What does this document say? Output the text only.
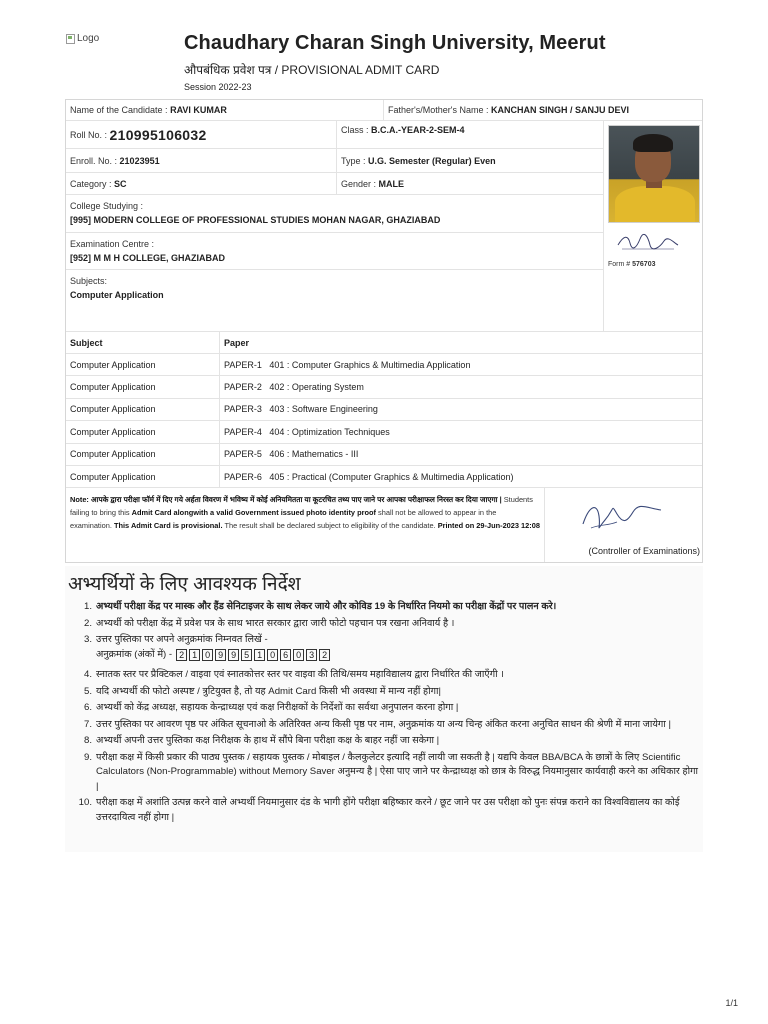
Logo	Chaudhary Charan Singh University, Meerut
औपबंधिक प्रवेश पत्र / PROVISIONAL ADMIT CARD
Session 2022-23
Name of the Candidate :
RAVI KUMAR	Father's/Mother's Name :
KANCHAN SINGH / SANJU DEVI
Roll No. :
210995106032	Class :
B.C.A.-YEAR-2-SEM-4
Enroll. No. :
21023951	Type :
U.G. Semester (Regular) Even
Category :
SC	Gender :
MALE
College Studying :
[995] MODERN COLLEGE OF PROFESSIONAL STUDIES MOHAN NAGAR, GHAZIABAD
Examination Centre :
[952] M M H COLLEGE, GHAZIABAD
Subjects:
Computer Application
Form # 576703
Subject	Paper
Computer Application	PAPER-1   401 : Computer Graphics & Multimedia Application
Computer Application	PAPER-2   402 : Operating System
Computer Application	PAPER-3   403 : Software Engineering
Computer Application	PAPER-4   404 : Optimization Techniques
Computer Application	PAPER-5   406 : Mathematics - III
Computer Application	PAPER-6   405 : Practical (Computer Graphics & Multimedia Application)
Note: आपके द्वारा परीक्षा फॉर्म में दिए गये अर्हता विवरण में भविष्य में कोई अनियमितता या कूटरचित तथ्य पाए जाने पर आपका परीक्षाफल निरस्त कर दिया जाएगा | Students failing to bring this Admit Card alongwith a valid Government issued photo identity proof shall not be allowed to appear in the examination. This Admit Card is provisional. The result shall be declared subject to eligibility of the candidate. Printed on 29-Jun-2023 12:08
(Controller of Examinations)
अभ्यर्थियों के लिए आवश्यक निर्देश
1. अभ्यर्थी परीक्षा केंद्र पर मास्क और हैंड सेनिटाइजर के साथ लेकर जाये और कोविड 19 के निर्धारित नियमो का परीक्षा केंद्रों पर पालन करे।
2. अभ्यर्थी को परीक्षा केंद्र में प्रवेश पत्र के साथ भारत सरकार द्वारा जारी फोटो पहचान पत्र रखना अनिवार्य है ।
3. उत्तर पुस्तिका पर अपने अनुक्रमांक निम्नवत लिखें -

अनुक्रमांक (अंकों में) - 2 1 0 9 9 5 1 0 6 0 3 2
4. स्नातक स्तर पर प्रैक्टिकल / वाइवा एवं स्नातकोत्तर स्तर पर वाइवा की तिथि/समय महाविद्यालय द्वारा निर्धारित की जाएँगी ।
5. यदि अभ्यर्थी की फोटो अस्पष्ट / त्रुटियुक्त है, तो यह Admit Card किसी भी अवस्था में मान्य नहीं होगा|
6. अभ्यर्थी को केंद्र अध्यक्ष, सहायक केन्द्राध्यक्ष एवं कक्ष निरीक्षकों के निर्देशों का सर्वथा अनुपालन करना होगा |
7. उत्तर पुस्तिका पर आवरण पृष्ठ पर अंकित सूचनाओ के अतिरिक्त अन्य किसी पृष्ठ पर नाम, अनुक्रमांक या अन्य चिन्ह अंकित करना अनुचित साधन की श्रेणी में माना जायेगा |
8. अभ्यर्थी अपनी उत्तर पुस्तिका कक्ष निरीक्षक के हाथ में सौंपे बिना परीक्षा कक्ष के बाहर नहीं जा सकेगा |
9. परीक्षा कक्ष में किसी प्रकार की पाठ्य पुस्तक / सहायक पुस्तक / मोबाइल / कैलकुलेटर इत्यादि नहीं लायी जा सकती है | यद्यपि केवल BBA/BCA के छात्रों के लिए Scientific Calculators (Non-Programmable) without Memory Saver अनुमन्य है | ऐसा पाए जाने पर केन्द्राध्यक्ष को छात्र के विरुद्ध नियमानुसार कार्यवाही करने का अधिकार होगा |
10. परीक्षा कक्ष में अशांति उत्पन्न करने वाले अभ्यर्थी नियमानुसार दंड के भागी होंगे परीक्षा बहिष्कार करने / छूट जाने पर उस परीक्षा को पुनः संपन्न कराने का विश्वविद्यालय का कोई उत्तरदायित्व नहीं होगा |
1/1
